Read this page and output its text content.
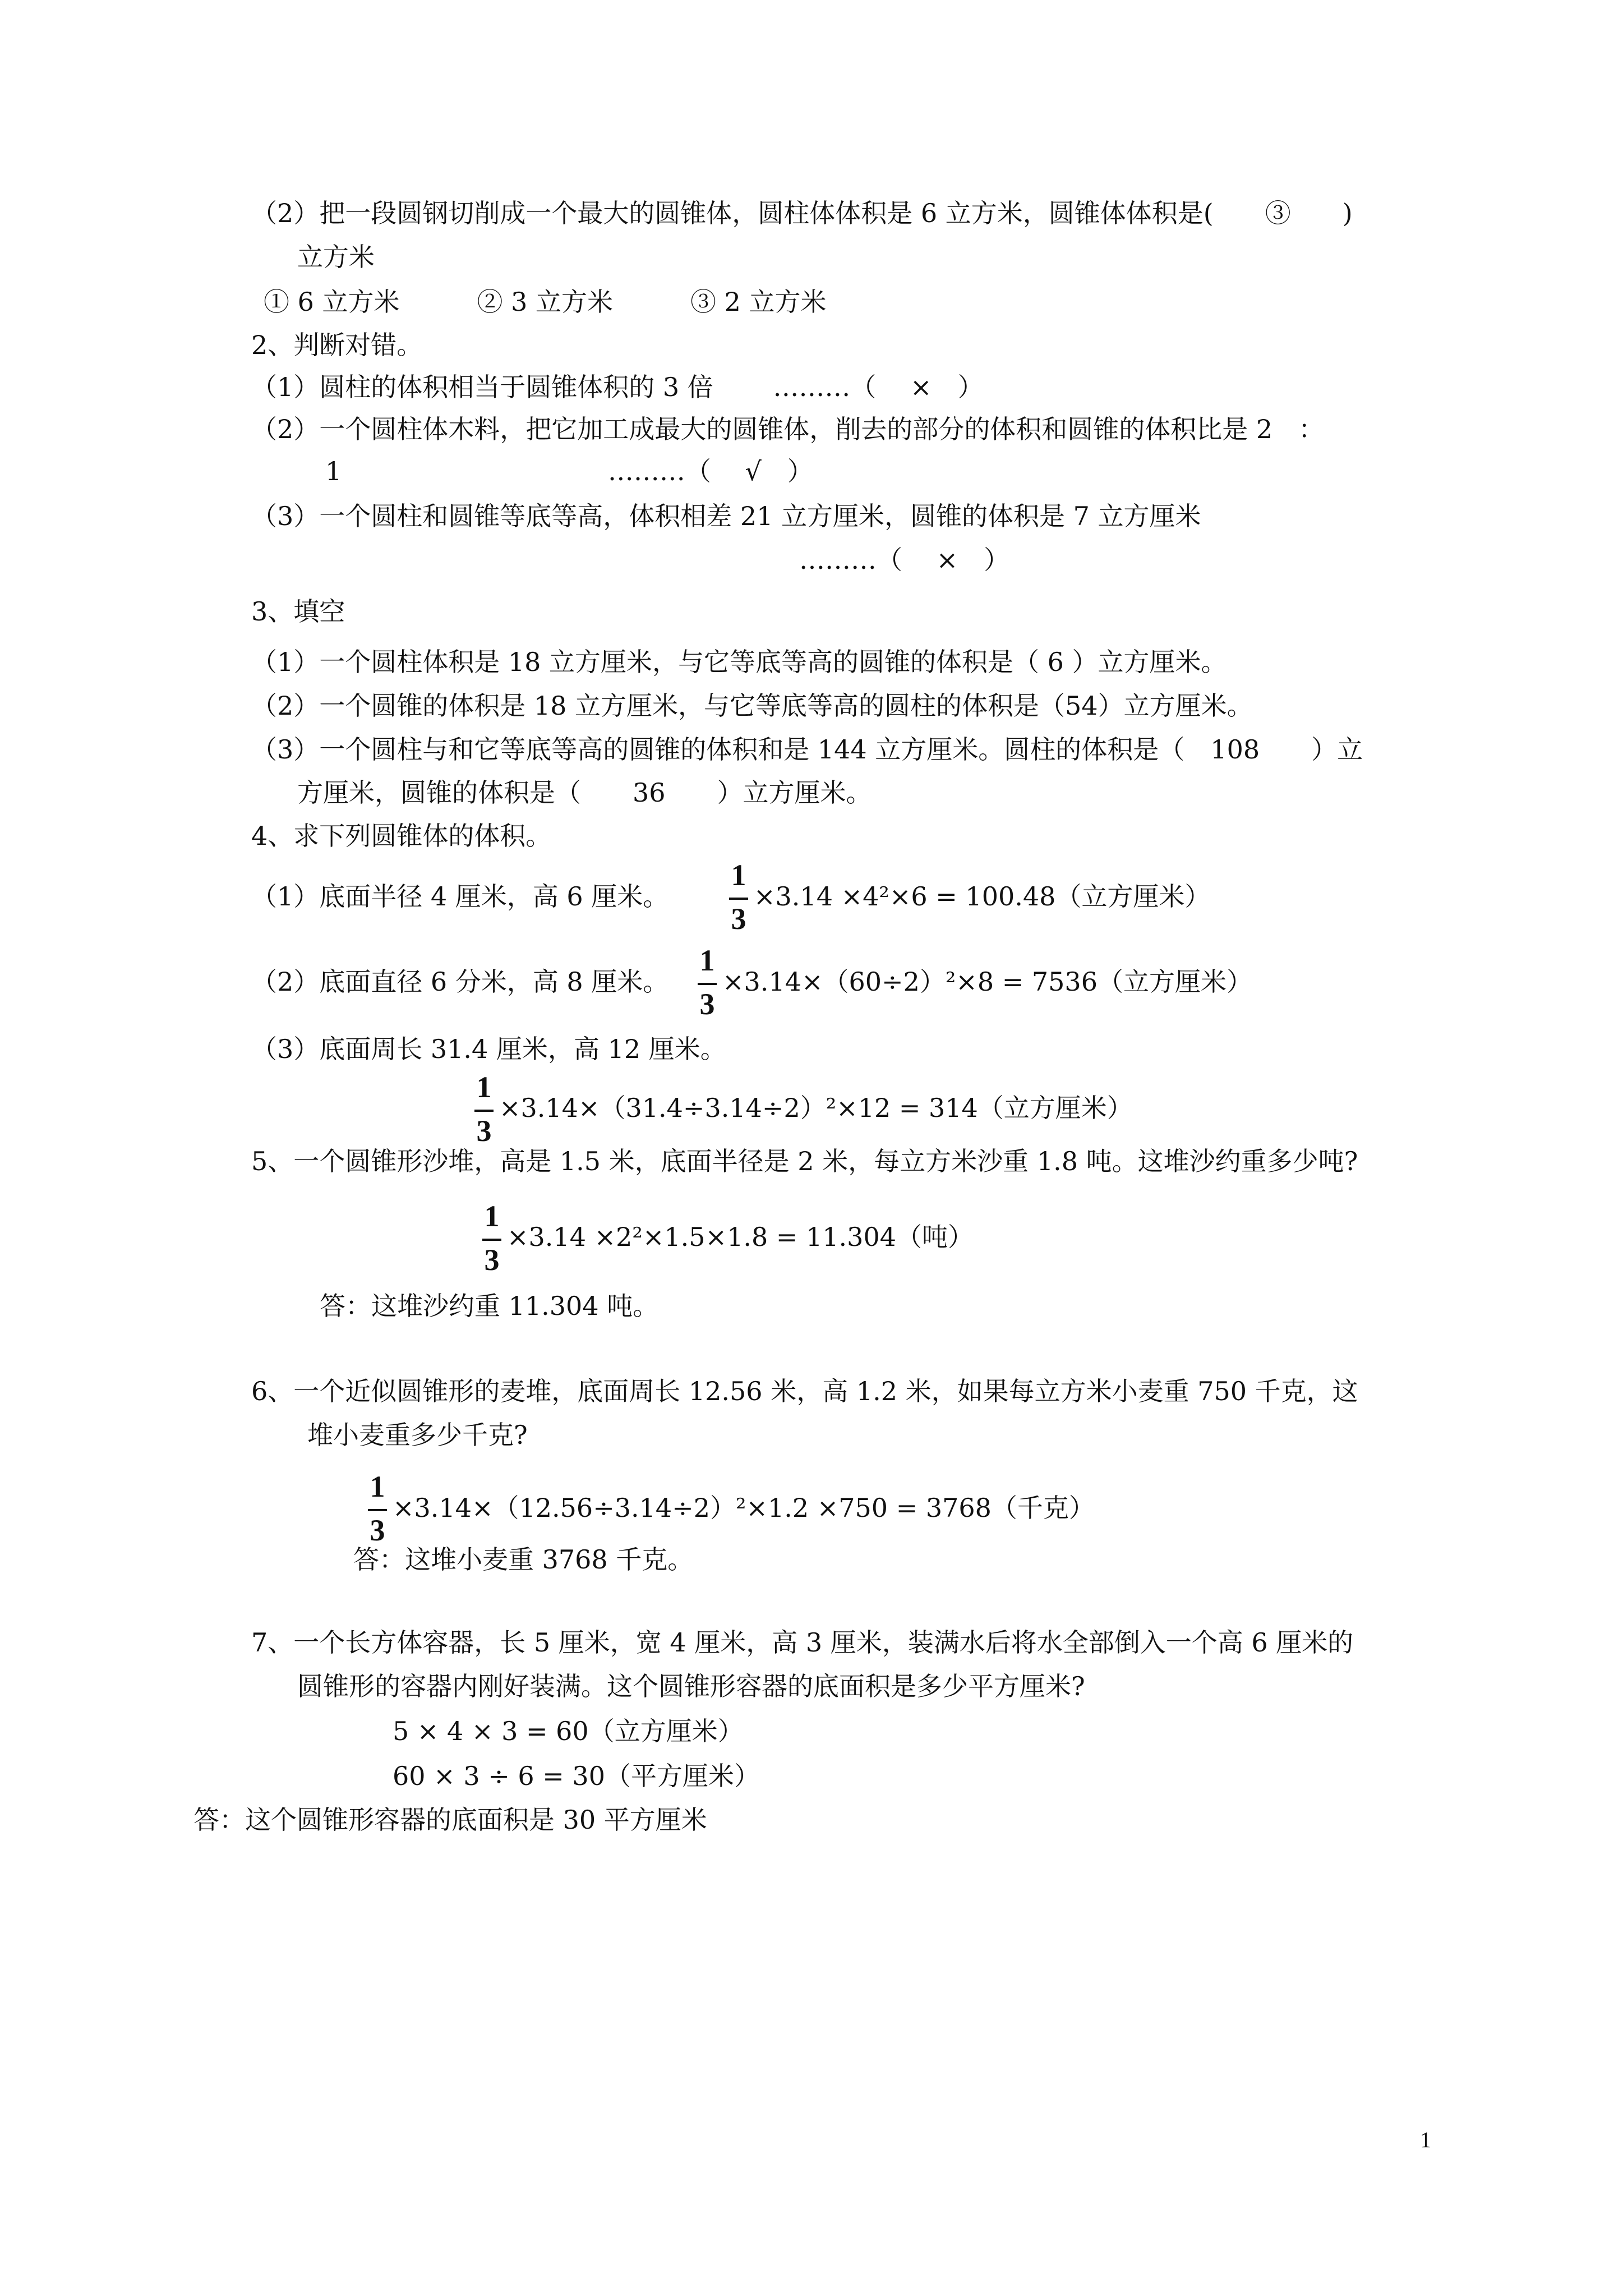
（2）把一段圆钢切削成一个最大的圆锥体，圆柱体体积是 6 立方米，圆锥体体积是(　　③　　)
立方米
① 6 立方米　　　② 3 立方米　　　③ 2 立方米
2、判断对错。
（1）圆柱的体积相当于圆锥体积的 3 倍　　 ………（　 ×　）
（2）一个圆柱体木料，把它加工成最大的圆锥体，削去的部分的体积和圆锥的体积比是 2　：
1　　　　　　　　　　 ………（　 √　）
（3）一个圆柱和圆锥等底等高，体积相差 21 立方厘米，圆锥的体积是 7 立方厘米
………（　 ×　）
3、填空
（1）一个圆柱体积是 18 立方厘米，与它等底等高的圆锥的体积是（ 6 ）立方厘米。
（2）一个圆锥的体积是 18 立方厘米，与它等底等高的圆柱的体积是（54）立方厘米。
（3）一个圆柱与和它等底等高的圆锥的体积和是 144 立方厘米。圆柱的体积是（　108　　）立
方厘米，圆锥的体积是（　　36　　）立方厘米。
4、求下列圆锥体的体积。
（1）底面半径 4 厘米，高 6 厘米。
1
3
×3.14 ×4²×6 = 100.48（立方厘米）
（2）底面直径 6 分米，高 8 厘米。
1
3
×3.14×（60÷2）²×8 = 7536（立方厘米）
（3）底面周长 31.4 厘米，高 12 厘米。
1
3
×3.14×（31.4÷3.14÷2）²×12 = 314（立方厘米）
5、一个圆锥形沙堆，高是 1.5 米，底面半径是 2 米，每立方米沙重 1.8 吨。这堆沙约重多少吨?
1
3
×3.14 ×2²×1.5×1.8 = 11.304（吨）
答：这堆沙约重 11.304 吨。
6、一个近似圆锥形的麦堆，底面周长 12.56 米，高 1.2 米，如果每立方米小麦重 750 千克，这
堆小麦重多少千克?
1
3
×3.14×（12.56÷3.14÷2）²×1.2 ×750 = 3768（千克）
答：这堆小麦重 3768 千克。
7、一个长方体容器，长 5 厘米，宽 4 厘米，高 3 厘米，装满水后将水全部倒入一个高 6 厘米的
圆锥形的容器内刚好装满。这个圆锥形容器的底面积是多少平方厘米?
5 × 4 × 3 = 60（立方厘米）
60 × 3 ÷ 6 = 30（平方厘米）
答：这个圆锥形容器的底面积是 30 平方厘米
1
